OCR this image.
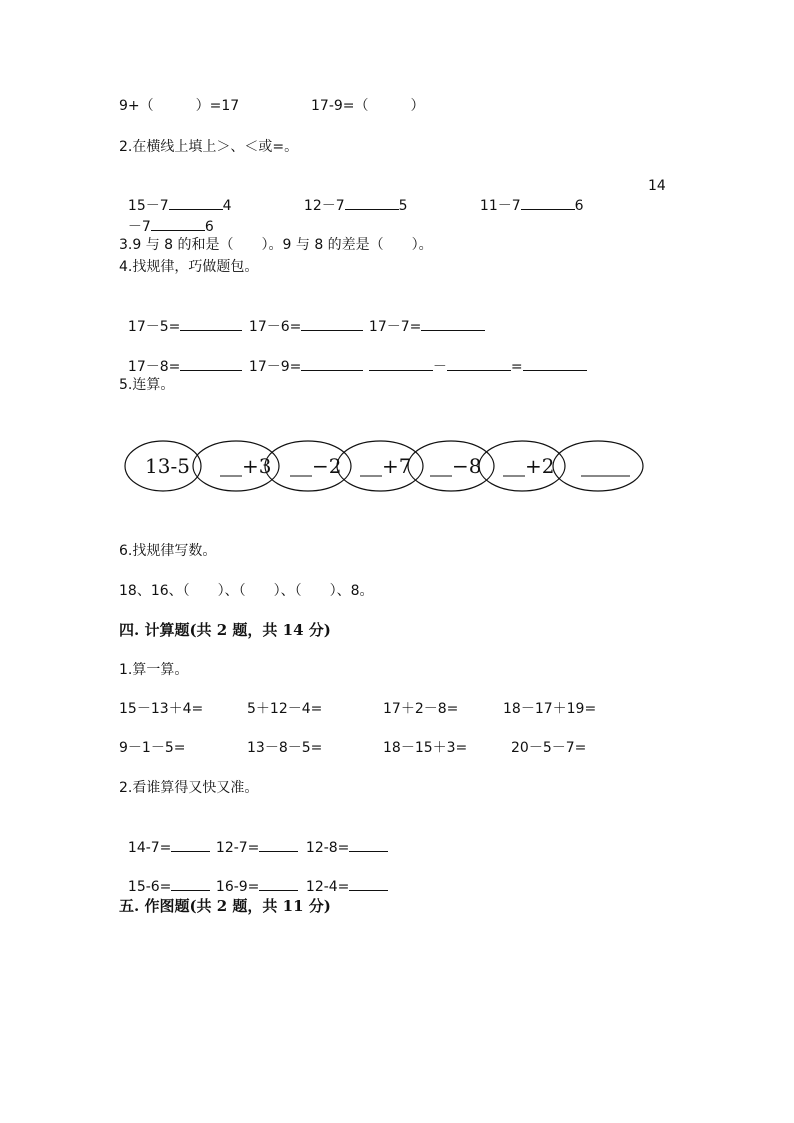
9+（　　　）=17	17-9=（　　　）
2.在横线上填上＞、＜或=。

15－7	4	12－7	5	11－7	6

14

－7	6

3.9 与 8 的和是（　　）。9 与 8 的差是（　　）。
4.找规律，巧做题包。

17－5=	17－6=	17－7=

17－8=	17－9=	－	=

5.连算。
13-5	+3 −2 +7 −8 +2
6.找规律写数。
18、16、（　　）、（　　）、（　　）、8。
四. 计算题(共 2 题，共 14 分)
1.算一算。
15－13＋4=	5＋12－4=	17＋2－8=	18－17＋19=
9－1－5=	13－8－5=	18－15＋3=	20－5－7=
2.看谁算得又快又准。

14-7=	12-7=	12-8=

15-6=	16-9=	12-4=

五. 作图题(共 2 题，共 11 分)
